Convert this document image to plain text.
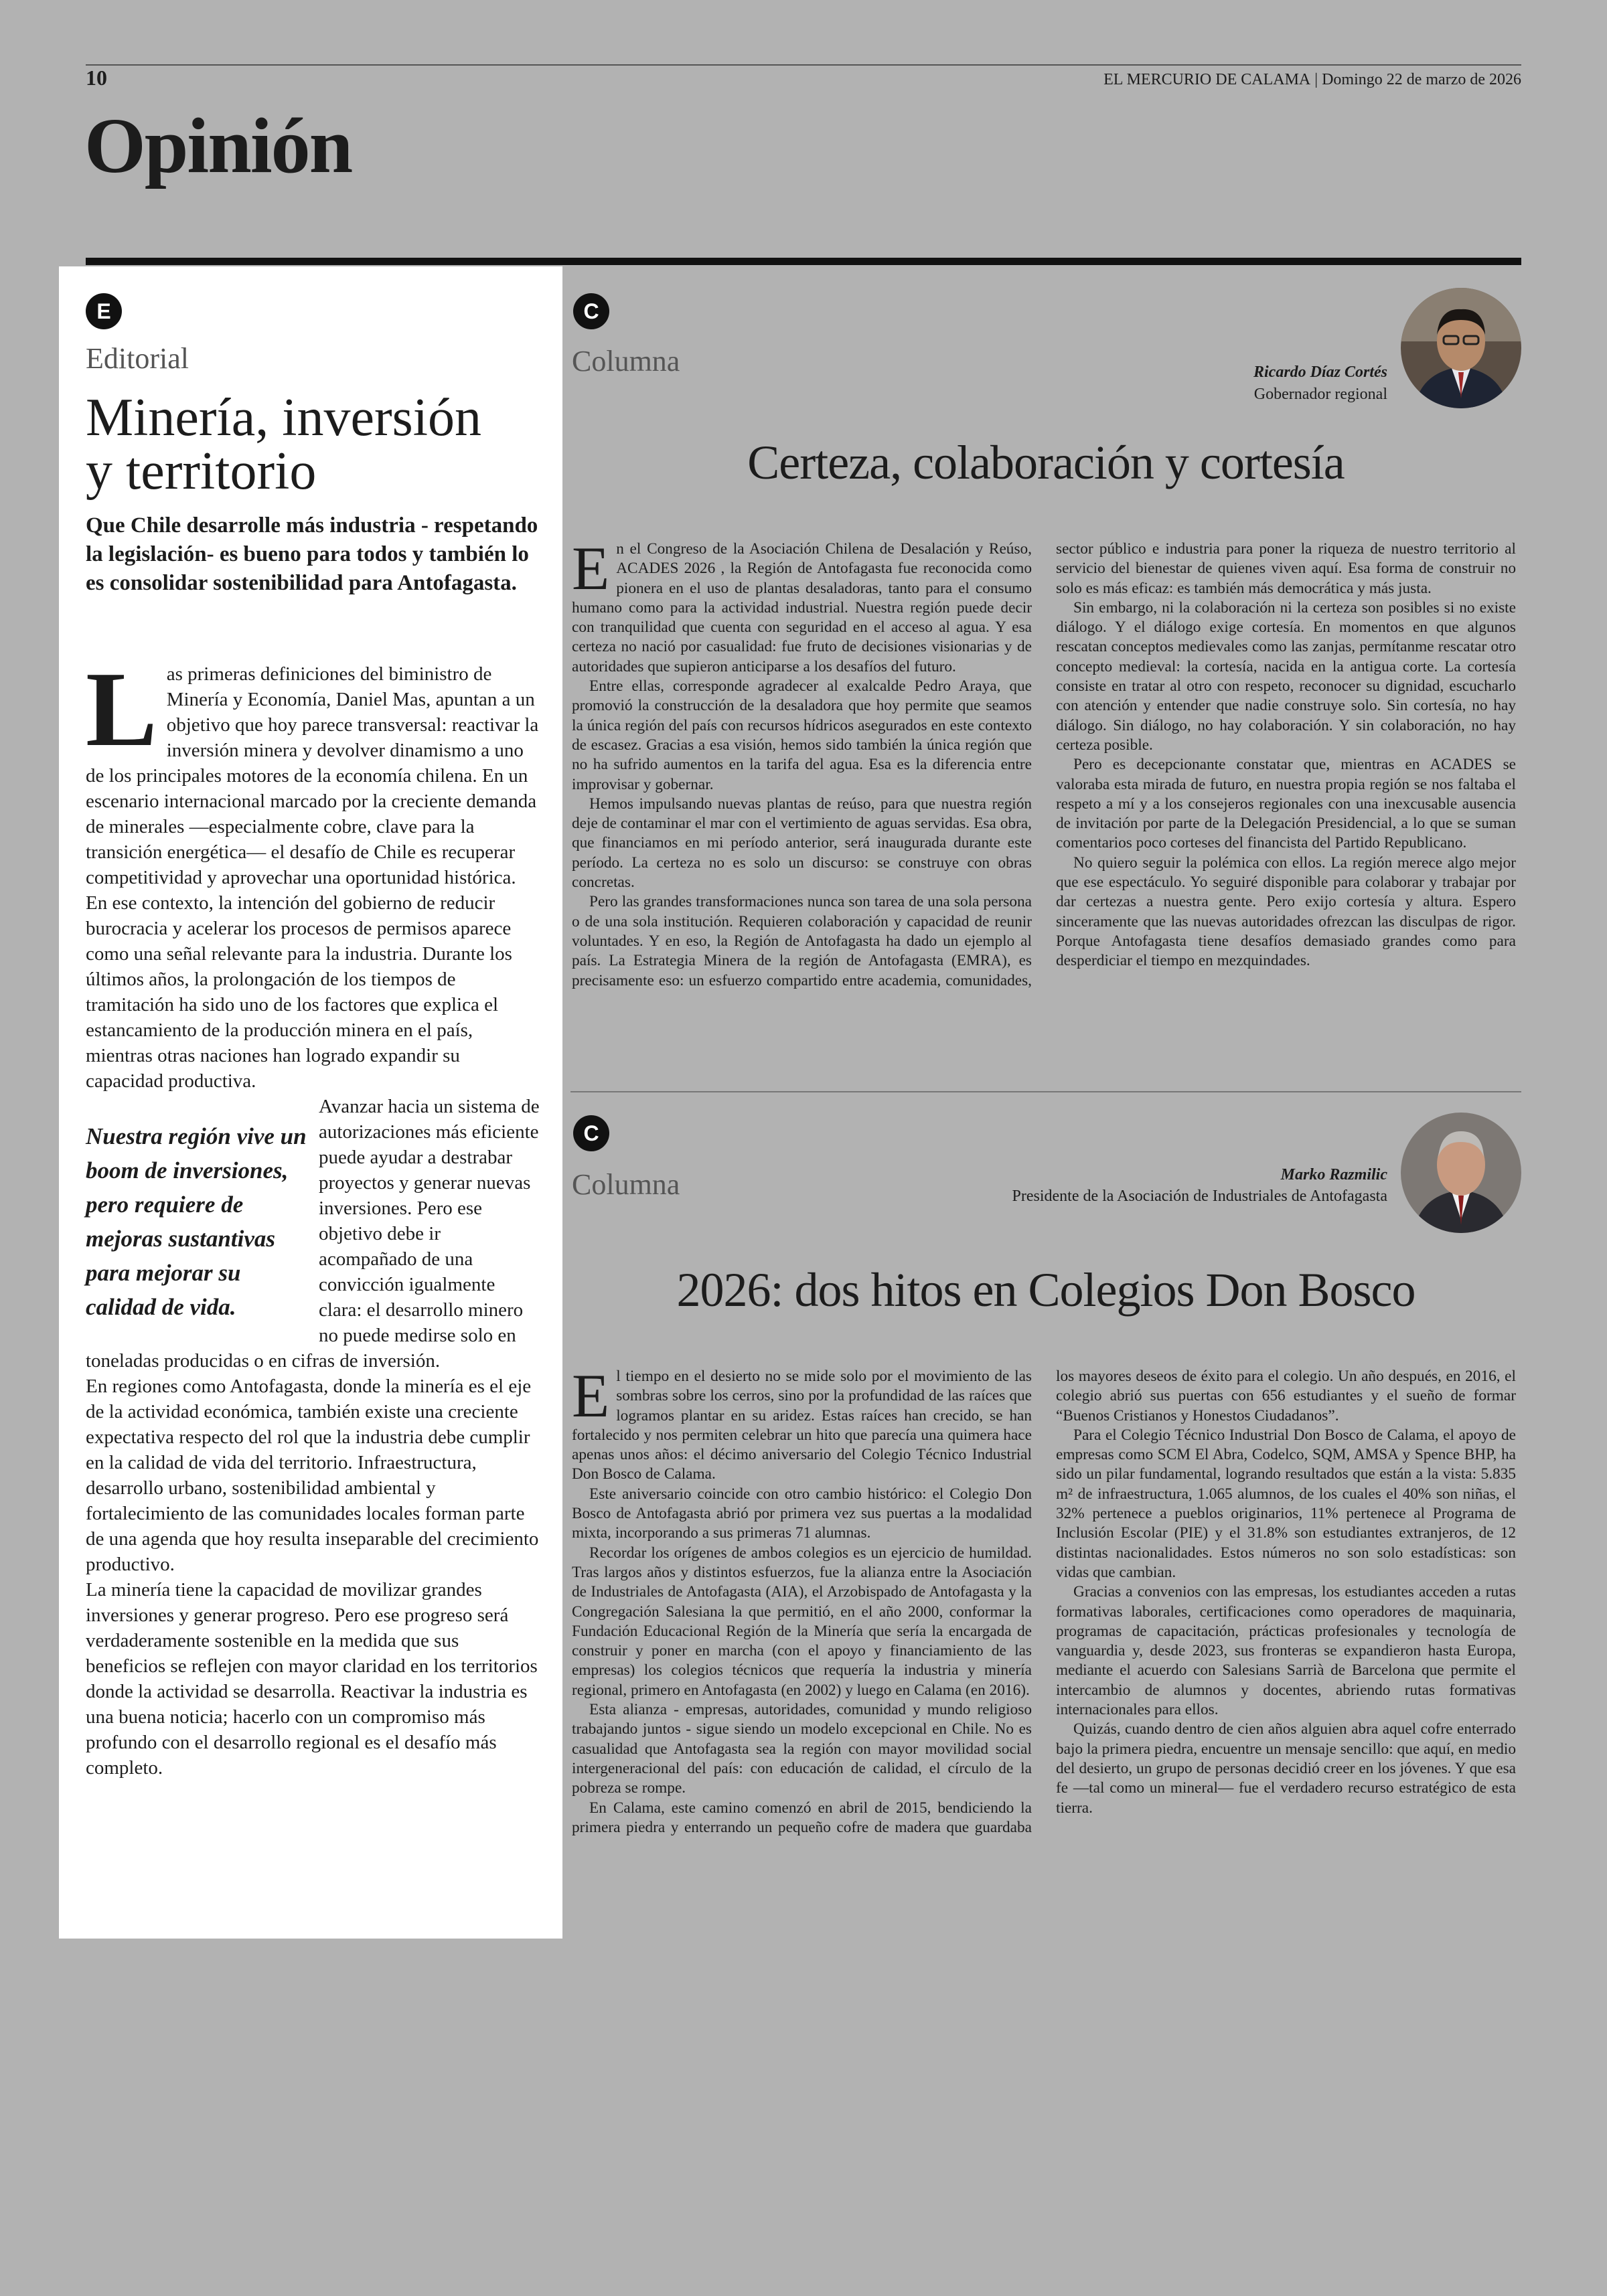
10	EL MERCURIO DE CALAMA | Domingo 22 de marzo de 2026
Opinión
E
Editorial
Minería, inversión
y territorio
Que Chile desarrolle más industria - respetando la legislación- es bueno para todos y también lo es consolidar sostenibilidad para Antofagasta.

Las primeras definiciones del biministro de Minería y Economía, Daniel Mas, apuntan a un objetivo que hoy parece transversal: reactivar la inversión minera y devolver dinamismo a uno de los principales motores de la economía chilena. En un escenario internacional marcado por la creciente demanda de minerales —especialmente cobre, clave para la transición energética— el desafío de Chile es recuperar competitividad y aprovechar una oportunidad histórica.

En ese contexto, la intención del gobierno de reducir burocracia y acelerar los procesos de permisos aparece como una señal relevante para la industria. Durante los últimos años, la prolongación de los tiempos de tramitación ha sido uno de los factores que explica el estancamiento de la producción minera en el país, mientras otras naciones han logrado expandir su capacidad productiva.

Nuestra región vive un boom de inversiones, pero requiere de mejoras sustantivas para mejorar su calidad de vida.

Avanzar hacia un sistema de autorizaciones más eficiente puede ayudar a destrabar proyectos y generar nuevas inversiones. Pero ese objetivo debe ir acompañado de una convicción igualmente clara: el desarrollo minero no puede medirse solo en toneladas producidas o en cifras de inversión.

En regiones como Antofagasta, donde la minería es el eje de la actividad económica, también existe una creciente expectativa respecto del rol que la industria debe cumplir en la calidad de vida del territorio. Infraestructura, desarrollo urbano, sostenibilidad ambiental y fortalecimiento de las comunidades locales forman parte de una agenda que hoy resulta inseparable del crecimiento productivo.

La minería tiene la capacidad de movilizar grandes inversiones y generar progreso. Pero ese progreso será verdaderamente sostenible en la medida que sus beneficios se reflejen con mayor claridad en los territorios donde la actividad se desarrolla. Reactivar la industria es una buena noticia; hacerlo con un compromiso más profundo con el desarrollo regional es el desafío más completo.

C
Columna	Ricardo Díaz Cortés
Gobernador regional
Certeza, colaboración y cortesía

En el Congreso de la Asociación Chilena de Desalación y Reúso, ACADES 2026 , la Región de Antofagasta fue reconocida como pionera en el uso de plantas desaladoras, tanto para el consumo humano como para la actividad industrial. Nuestra región puede decir con tranquilidad que cuenta con seguridad en el acceso al agua. Y esa certeza no nació por casualidad: fue fruto de decisiones visionarias y de autoridades que supieron anticiparse a los desafíos del futuro.

Entre ellas, corresponde agradecer al exalcalde Pedro Araya, que promovió la construcción de la desaladora que hoy permite que seamos la única región del país con recursos hídricos asegurados en este contexto de escasez. Gracias a esa visión, hemos sido también la única región que no ha sufrido aumentos en la tarifa del agua. Esa es la diferencia entre improvisar y gobernar.

Hemos impulsando nuevas plantas de reúso, para que nuestra región deje de contaminar el mar con el vertimiento de aguas servidas. Esa obra, que financiamos en mi período anterior, será inaugurada durante este período. La certeza no es solo un discurso: se construye con obras concretas.

Pero las grandes transformaciones nunca son tarea de una sola persona o de una sola institución. Requieren colaboración y capacidad de reunir voluntades. Y en eso, la Región de Antofagasta ha dado un ejemplo al país. La Estrategia Minera de la región de Antofagasta (EMRA), es precisamente eso: un esfuerzo compartido entre academia, comunidades, sector público e industria para poner la riqueza de nuestro territorio al servicio del bienestar de quienes viven aquí. Esa forma de construir no solo es más eficaz: es también más democrática y más justa.

Sin embargo, ni la colaboración ni la certeza son posibles si no existe diálogo. Y el diálogo exige cortesía. En momentos en que algunos rescatan conceptos medievales como las zanjas, permítanme rescatar otro concepto medieval: la cortesía, nacida en la antigua corte. La cortesía consiste en tratar al otro con respeto, reconocer su dignidad, escucharlo con atención y entender que nadie construye solo. Sin cortesía, no hay diálogo. Sin diálogo, no hay colaboración. Y sin colaboración, no hay certeza posible.

Pero es decepcionante constatar que, mientras en ACADES se valoraba esta mirada de futuro, en nuestra propia región se nos faltaba el respeto a mí y a los consejeros regionales con una inexcusable ausencia de invitación por parte de la Delegación Presidencial, a lo que se suman comentarios poco corteses del financista del Partido Republicano.

No quiero seguir la polémica con ellos. La región merece algo mejor que ese espectáculo. Yo seguiré disponible para colaborar y trabajar por dar certezas a nuestra gente. Pero exijo cortesía y altura. Espero sinceramente que las nuevas autoridades ofrezcan las disculpas de rigor. Porque Antofagasta tiene desafíos demasiado grandes como para desperdiciar el tiempo en mezquindades.

C
Columna	Marko Razmilic
Presidente de la Asociación de Industriales de Antofagasta
2026: dos hitos en Colegios Don Bosco

El tiempo en el desierto no se mide solo por el movimiento de las sombras sobre los cerros, sino por la profundidad de las raíces que logramos plantar en su aridez. Estas raíces han crecido, se han fortalecido y nos permiten celebrar un hito que parecía una quimera hace apenas unos años: el décimo aniversario del Colegio Técnico Industrial Don Bosco de Calama.

Este aniversario coincide con otro cambio histórico: el Colegio Don Bosco de Antofagasta abrió por primera vez sus puertas a la modalidad mixta, incorporando a sus primeras 71 alumnas.

Recordar los orígenes de ambos colegios es un ejercicio de humildad. Tras largos años y distintos esfuerzos, fue la alianza entre la Asociación de Industriales de Antofagasta (AIA), el Arzobispado de Antofagasta y la Congregación Salesiana la que permitió, en el año 2000, conformar la Fundación Educacional Región de la Minería que sería la encargada de construir y poner en marcha (con el apoyo y financiamiento de las empresas) los colegios técnicos que requería la industria y minería regional, primero en Antofagasta (en 2002) y luego en Calama (en 2016).

Esta alianza - empresas, autoridades, comunidad y mundo religioso trabajando juntos - sigue siendo un modelo excepcional en Chile. No es casualidad que Antofagasta sea la región con mayor movilidad social intergeneracional del país: con educación de calidad, el círculo de la pobreza se rompe.

En Calama, este camino comenzó en abril de 2015, bendiciendo la primera piedra y enterrando un pequeño cofre de madera que guardaba los mayores deseos de éxito para el colegio. Un año después, en 2016, el colegio abrió sus puertas con 656 estudiantes y el sueño de formar “Buenos Cristianos y Honestos Ciudadanos”.

Para el Colegio Técnico Industrial Don Bosco de Calama, el apoyo de empresas como SCM El Abra, Codelco, SQM, AMSA y Spence BHP, ha sido un pilar fundamental, logrando resultados que están a la vista: 5.835 m² de infraestructura, 1.065 alumnos, de los cuales el 40% son niñas, el 32% pertenece a pueblos originarios, 11% pertenece al Programa de Inclusión Escolar (PIE) y el 31.8% son estudiantes extranjeros, de 12 distintas nacionalidades. Estos números no son solo estadísticas: son vidas que cambian.

Gracias a convenios con las empresas, los estudiantes acceden a rutas formativas laborales, certificaciones como operadores de maquinaria, programas de capacitación, prácticas profesionales y tecnología de vanguardia y, desde 2023, sus fronteras se expandieron hasta Europa, mediante el acuerdo con Salesians Sarrià de Barcelona que permite el intercambio de alumnos y docentes, abriendo rutas formativas internacionales para ellos.

Quizás, cuando dentro de cien años alguien abra aquel cofre enterrado bajo la primera piedra, encuentre un mensaje sencillo: que aquí, en medio del desierto, un grupo de personas decidió creer en los jóvenes. Y que esa fe —tal como un mineral— fue el verdadero recurso estratégico de esta tierra.
